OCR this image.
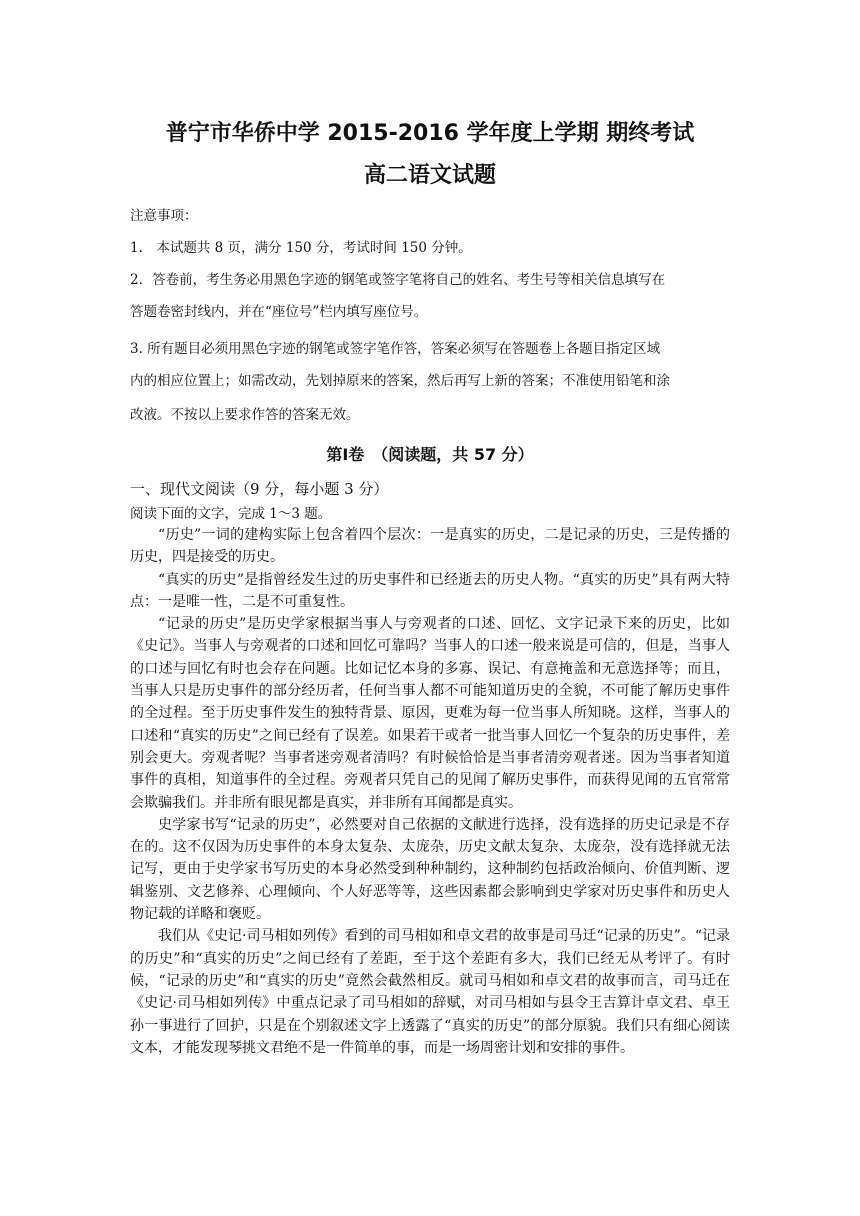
普宁市华侨中学 2015-2016 学年度上学期 期终考试
高二语文试题
注意事项：
1.　本试题共 8 页，满分 150 分，考试时间 150 分钟。
2．答卷前，考生务必用黑色字迹的钢笔或签字笔将自己的姓名、考生号等相关信息填写在
答题卷密封线内，并在“座位号”栏内填写座位号。
3. 所有题目必须用黑色字迹的钢笔或签字笔作答，答案必须写在答题卷上各题目指定区域
内的相应位置上；如需改动，先划掉原来的答案，然后再写上新的答案；不准使用铅笔和涂
改液。不按以上要求作答的答案无效。
第Ⅰ卷　（阅读题，共 57 分）
一、现代文阅读（9 分，每小题 3 分）
阅读下面的文字，完成 1～3 题。

“历史”一词的建构实际上包含着四个层次：一是真实的历史，二是记录的历史，三是传播的历史，四是接受的历史。

“真实的历史”是指曾经发生过的历史事件和已经逝去的历史人物。“真实的历史”具有两大特点：一是唯一性，二是不可重复性。

“记录的历史”是历史学家根据当事人与旁观者的口述、回忆、文字记录下来的历史，比如《史记》。当事人与旁观者的口述和回忆可靠吗？当事人的口述一般来说是可信的，但是，当事人的口述与回忆有时也会存在问题。比如记忆本身的多寡、误记、有意掩盖和无意选择等；而且，当事人只是历史事件的部分经历者，任何当事人都不可能知道历史的全貌，不可能了解历史事件的全过程。至于历史事件发生的独特背景、原因，更难为每一位当事人所知晓。这样，当事人的口述和“真实的历史”之间已经有了误差。如果若干或者一批当事人回忆一个复杂的历史事件，差别会更大。旁观者呢？当事者迷旁观者清吗？有时候恰恰是当事者清旁观者迷。因为当事者知道事件的真相，知道事件的全过程。旁观者只凭自己的见闻了解历史事件，而获得见闻的五官常常会欺骗我们。并非所有眼见都是真实，并非所有耳闻都是真实。

史学家书写“记录的历史”，必然要对自己依据的文献进行选择，没有选择的历史记录是不存在的。这不仅因为历史事件的本身太复杂、太庞杂，历史文献太复杂、太庞杂，没有选择就无法记写，更由于史学家书写历史的本身必然受到种种制约，这种制约包括政治倾向、价值判断、逻辑鉴别、文艺修养、心理倾向、个人好恶等等，这些因素都会影响到史学家对历史事件和历史人物记载的详略和褒贬。

我们从《史记·司马相如列传》看到的司马相如和卓文君的故事是司马迁“记录的历史”。“记录的历史”和“真实的历史”之间已经有了差距，至于这个差距有多大，我们已经无从考评了。有时候，“记录的历史”和“真实的历史”竟然会截然相反。就司马相如和卓文君的故事而言，司马迁在《史记·司马相如列传》中重点记录了司马相如的辞赋，对司马相如与县令王吉算计卓文君、卓王孙一事进行了回护，只是在个别叙述文字上透露了“真实的历史”的部分原貌。我们只有细心阅读文本，才能发现琴挑文君绝不是一件简单的事，而是一场周密计划和安排的事件。
